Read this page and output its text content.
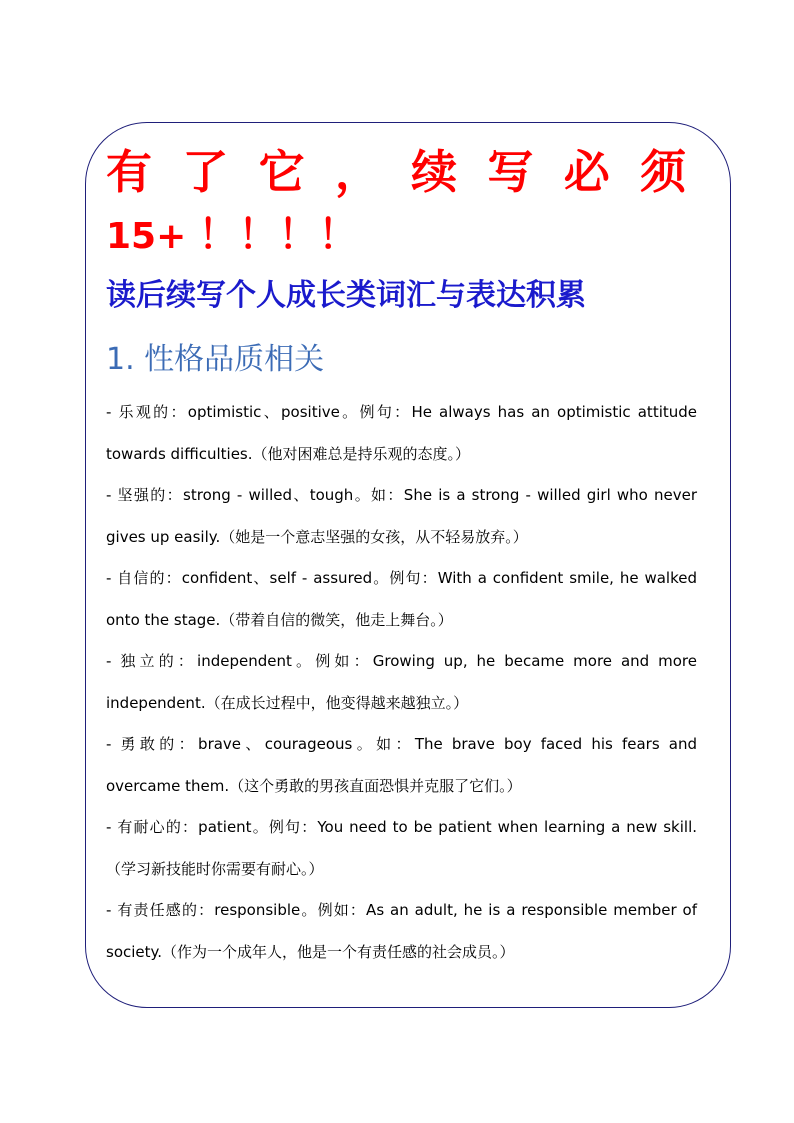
有 了 它 ， 续 写 必 须
15+ ！！！！
读后续写个人成长类词汇与表达积累
1. 性格品质相关
- 乐观的：optimistic、positive。例句：He always has an optimistic attitude towards difficulties.（他对困难总是持乐观的态度。）
- 坚强的：strong - willed、tough。如：She is a strong - willed girl who never gives up easily.（她是一个意志坚强的女孩，从不轻易放弃。）
- 自信的：confident、self - assured。例句：With a confident smile, he walked onto the stage.（带着自信的微笑，他走上舞台。）
- 独立的：independent。例如：Growing up, he became more and more independent.（在成长过程中，他变得越来越独立。）
- 勇敢的：brave、courageous。如：The brave boy faced his fears and overcame them.（这个勇敢的男孩直面恐惧并克服了它们。）
- 有耐心的：patient。例句：You need to be patient when learning a new skill.（学习新技能时你需要有耐心。）
- 有责任感的：responsible。例如：As an adult, he is a responsible member of society.（作为一个成年人，他是一个有责任感的社会成员。）
